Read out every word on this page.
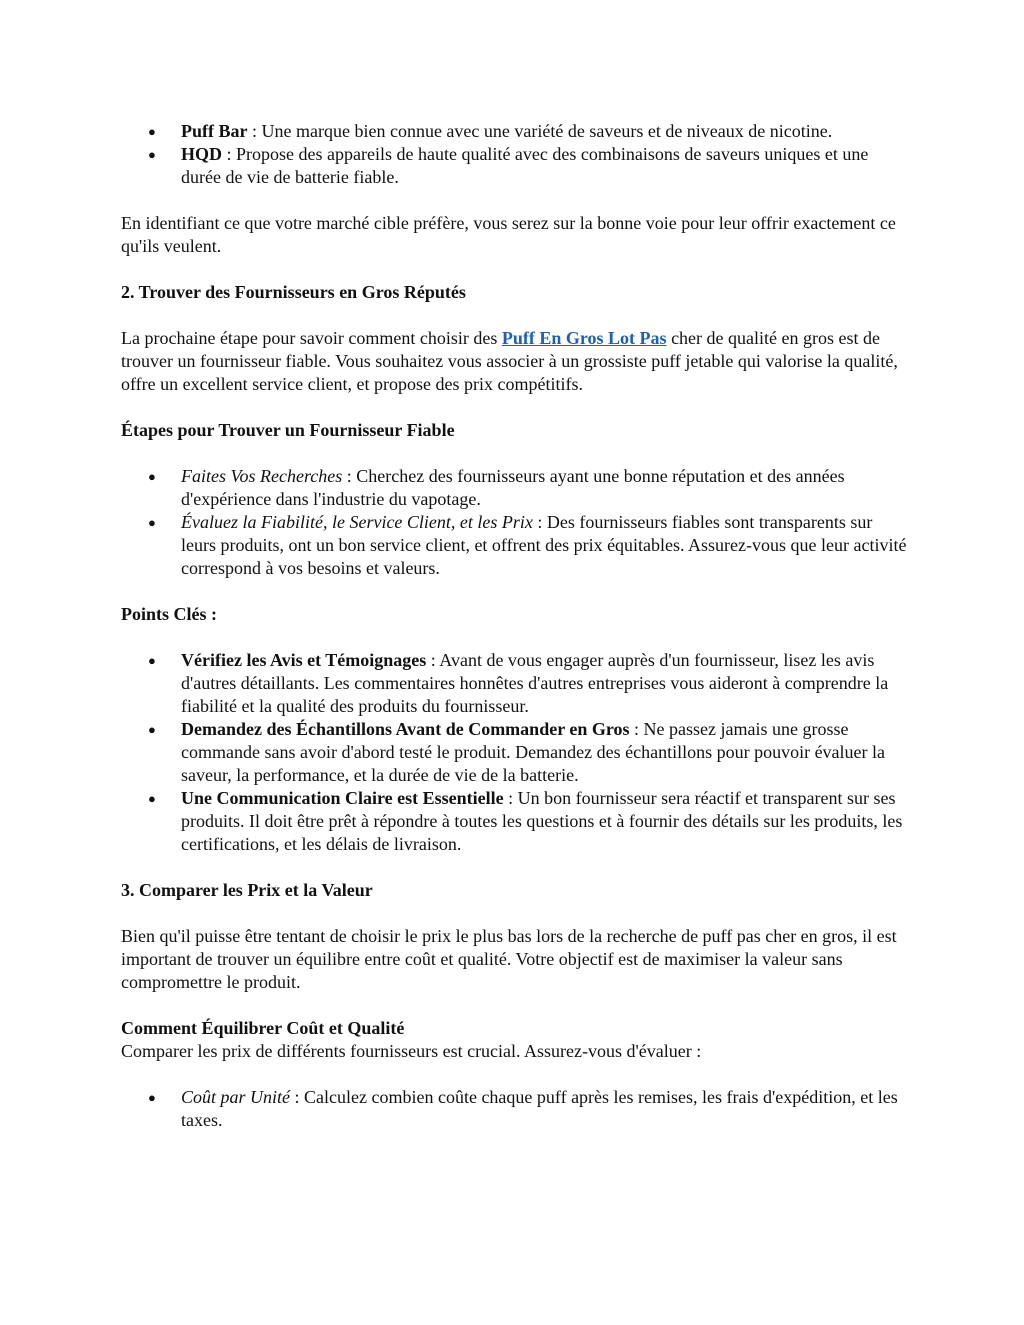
● Puff Bar : Une marque bien connue avec une variété de saveurs et de niveaux de nicotine.
● HQD : Propose des appareils de haute qualité avec des combinaisons de saveurs uniques et une durée de vie de batterie fiable.

En identifiant ce que votre marché cible préfère, vous serez sur la bonne voie pour leur offrir exactement ce qu'ils veulent.

2. Trouver des Fournisseurs en Gros Réputés

La prochaine étape pour savoir comment choisir des Puff En Gros Lot Pas cher de qualité en gros est de trouver un fournisseur fiable. Vous souhaitez vous associer à un grossiste puff jetable qui valorise la qualité, offre un excellent service client, et propose des prix compétitifs.

Étapes pour Trouver un Fournisseur Fiable

● Faites Vos Recherches : Cherchez des fournisseurs ayant une bonne réputation et des années d'expérience dans l'industrie du vapotage.
● Évaluez la Fiabilité, le Service Client, et les Prix : Des fournisseurs fiables sont transparents sur leurs produits, ont un bon service client, et offrent des prix équitables. Assurez-vous que leur activité correspond à vos besoins et valeurs.

Points Clés :

● Vérifiez les Avis et Témoignages : Avant de vous engager auprès d'un fournisseur, lisez les avis d'autres détaillants. Les commentaires honnêtes d'autres entreprises vous aideront à comprendre la fiabilité et la qualité des produits du fournisseur.
● Demandez des Échantillons Avant de Commander en Gros : Ne passez jamais une grosse commande sans avoir d'abord testé le produit. Demandez des échantillons pour pouvoir évaluer la saveur, la performance, et la durée de vie de la batterie.
● Une Communication Claire est Essentielle : Un bon fournisseur sera réactif et transparent sur ses produits. Il doit être prêt à répondre à toutes les questions et à fournir des détails sur les produits, les certifications, et les délais de livraison.

3. Comparer les Prix et la Valeur

Bien qu'il puisse être tentant de choisir le prix le plus bas lors de la recherche de puff pas cher en gros, il est important de trouver un équilibre entre coût et qualité. Votre objectif est de maximiser la valeur sans compromettre le produit.

Comment Équilibrer Coût et Qualité

Comparer les prix de différents fournisseurs est crucial. Assurez-vous d'évaluer :

● Coût par Unité : Calculez combien coûte chaque puff après les remises, les frais d'expédition, et les taxes.
